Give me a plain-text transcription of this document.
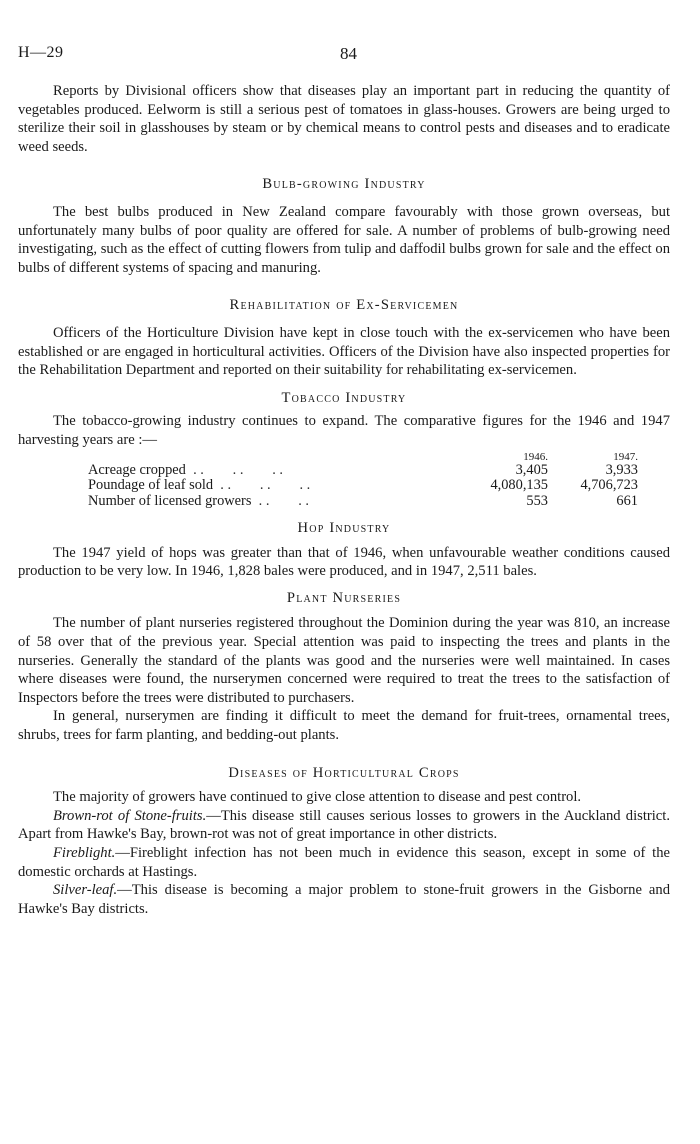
H—29	84

Reports by Divisional officers show that diseases play an important part in reducing the quantity of vegetables produced. Eelworm is still a serious pest of tomatoes in glass-houses. Growers are being urged to sterilize their soil in glasshouses by steam or by chemical means to control pests and diseases and to eradicate weed seeds.

Bulb-growing Industry

The best bulbs produced in New Zealand compare favourably with those grown overseas, but unfortunately many bulbs of poor quality are offered for sale. A number of problems of bulb-growing need investigating, such as the effect of cutting flowers from tulip and daffodil bulbs grown for sale and the effect on bulbs of different systems of spacing and manuring.

Rehabilitation of Ex-Servicemen

Officers of the Horticulture Division have kept in close touch with the ex-servicemen who have been established or are engaged in horticultural activities. Officers of the Division have also inspected properties for the Rehabilitation Department and reported on their suitability for rehabilitating ex-servicemen.

Tobacco Industry

The tobacco-growing industry continues to expand. The comparative figures for the 1946 and 1947 harvesting years are :—

	1946.	1947.
Acreage cropped  . .        . .        . .	3,405	3,933
Poundage of leaf sold  . .        . .        . .	4,080,135	4,706,723
Number of licensed growers  . .        . .	553	661
Hop Industry

The 1947 yield of hops was greater than that of 1946, when unfavourable weather conditions caused production to be very low. In 1946, 1,828 bales were produced, and in 1947, 2,511 bales.

Plant Nurseries

The number of plant nurseries registered throughout the Dominion during the year was 810, an increase of 58 over that of the previous year. Special attention was paid to inspecting the trees and plants in the nurseries. Generally the standard of the plants was good and the nurseries were well maintained. In cases where diseases were found, the nurserymen concerned were required to treat the trees to the satisfaction of Inspectors before the trees were distributed to purchasers.

In general, nurserymen are finding it difficult to meet the demand for fruit-trees, ornamental trees, shrubs, trees for farm planting, and bedding-out plants.

Diseases of Horticultural Crops

The majority of growers have continued to give close attention to disease and pest control.

Brown-rot of Stone-fruits.—This disease still causes serious losses to growers in the Auckland district. Apart from Hawke's Bay, brown-rot was not of great importance in other districts.

Fireblight.—Fireblight infection has not been much in evidence this season, except in some of the domestic orchards at Hastings.

Silver-leaf.—This disease is becoming a major problem to stone-fruit growers in the Gisborne and Hawke's Bay districts.
